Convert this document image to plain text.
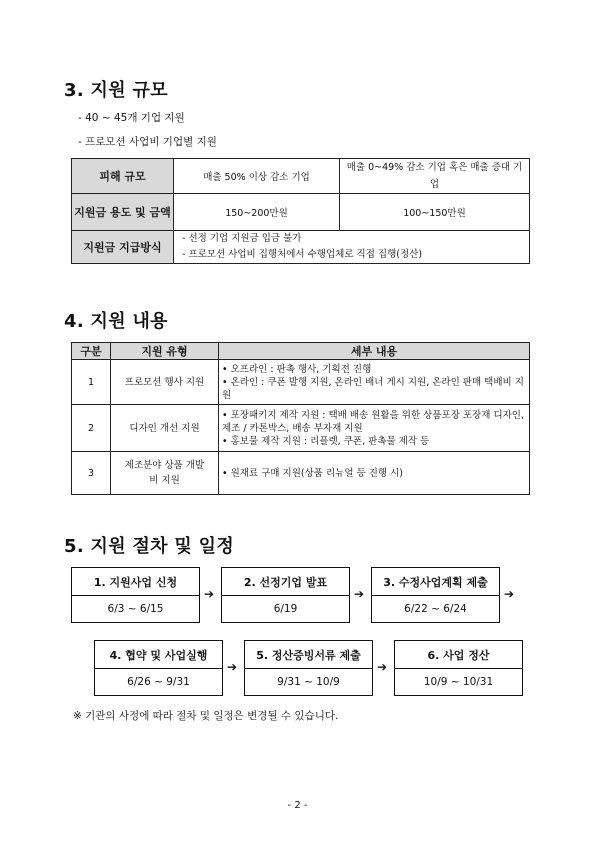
3. 지원 규모
- 40 ~ 45개 기업 지원
- 프로모션 사업비 기업별 지원
피해 규모	매출 50% 이상 감소 기업	매출 0~49% 감소 기업 혹은 매출 증대 기업
지원금 용도 및 금액	150~200만원	100~150만원
지원금 지급방식	- 선정 기업 지원금 입금 불가
- 프로모션 사업비 집행처에서 수행업체로 직접 집행(정산)	
4. 지원 내용
구분	지원 유형	세부 내용
1	프로모션 행사 지원	• 오프라인 : 판촉 행사, 기획전 진행
• 온라인 : 쿠폰 발행 지원, 온라인 배너 게시 지원, 온라인 판매 택배비 지원

2	디자인 개선 지원	• 포장패키지 제작 지원 : 택배 배송 원활을 위한 상품포장 포장재 디자인, 제조 / 카톤박스, 배송 부자재 지원
• 홍보물 제작 지원 : 리플렛, 쿠폰, 판촉물 제작 등

3	제조분야 상품 개발비 지원	• 원재료 구매 지원(상품 리뉴얼 등 진행 시)
5. 지원 절차 및 일정
1. 지원사업 신청
6/3 ~ 6/15
➔
2. 선정기업 발표
6/19
➔
3. 수정사업계획 제출
6/22 ~ 6/24
➔
4. 협약 및 사업실행
6/26 ~ 9/31
➔
5. 정산증빙서류 제출
9/31 ~ 10/9
➔
6. 사업 정산
10/9 ~ 10/31
※ 기관의 사정에 따라 절차 및 일정은 변경될 수 있습니다.
- 2 -
